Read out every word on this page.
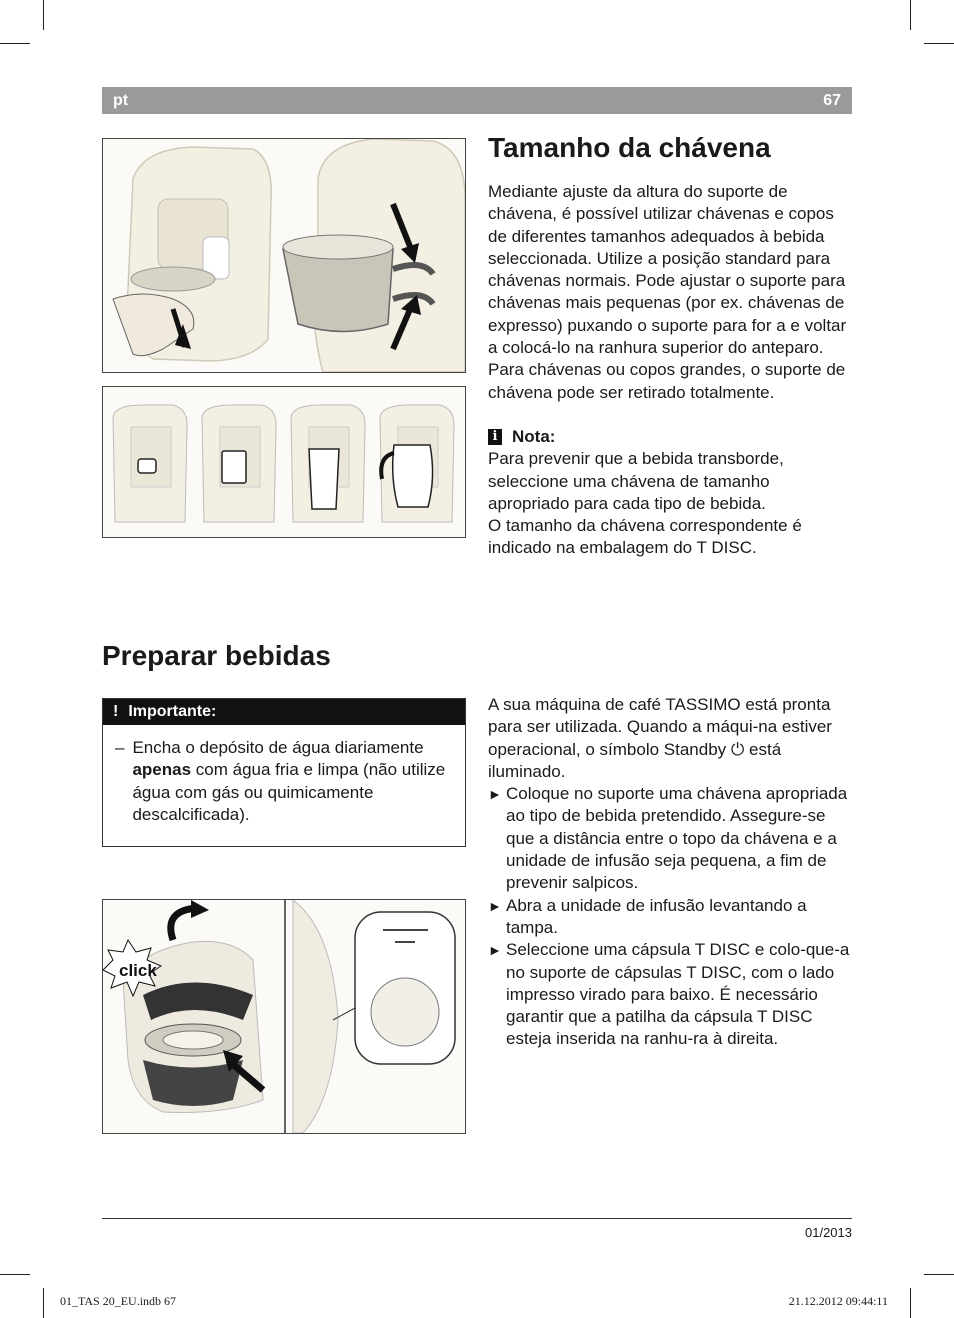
pt	67
Tamanho da chávena

Mediante ajuste da altura do suporte de chávena, é possível utilizar chávenas e copos de diferentes tamanhos adequados à bebida seleccionada. Utilize a posição standard para chávenas normais. Pode ajustar o suporte para chávenas mais pequenas (por ex. chávenas de expresso) puxando o suporte para for a e voltar a colocá-lo na ranhura superior do anteparo. Para chávenas ou copos grandes, o suporte de chávena pode ser retirado totalmente.

i Nota:

Para prevenir que a bebida transborde, seleccione uma chávena de tamanho apropriado para cada tipo de bebida.

O tamanho da chávena correspondente é indicado na embalagem do T DISC.

Preparar bebidas
! Importante:
– Encha o depósito de água diariamente apenas com água fria e limpa (não utilize água com gás ou quimicamente descalcificada).
click

A sua máquina de café TASSIMO está pronta para ser utilizada. Quando a máqui-na estiver operacional, o símbolo Standby ⏻ está iluminado.

► Coloque no suporte uma chávena apropriada ao tipo de bebida pretendido. Assegure-se que a distância entre o topo da chávena e a unidade de infusão seja pequena, a fim de prevenir salpicos.
► Abra a unidade de infusão levantando a tampa.
► Seleccione uma cápsula T DISC e colo-que-a no suporte de cápsulas T DISC, com o lado impresso virado para baixo. É necessário garantir que a patilha da cápsula T DISC esteja inserida na ranhu-ra à direita.
01/2013
01_TAS 20_EU.indb 67	21.12.2012 09:44:11
